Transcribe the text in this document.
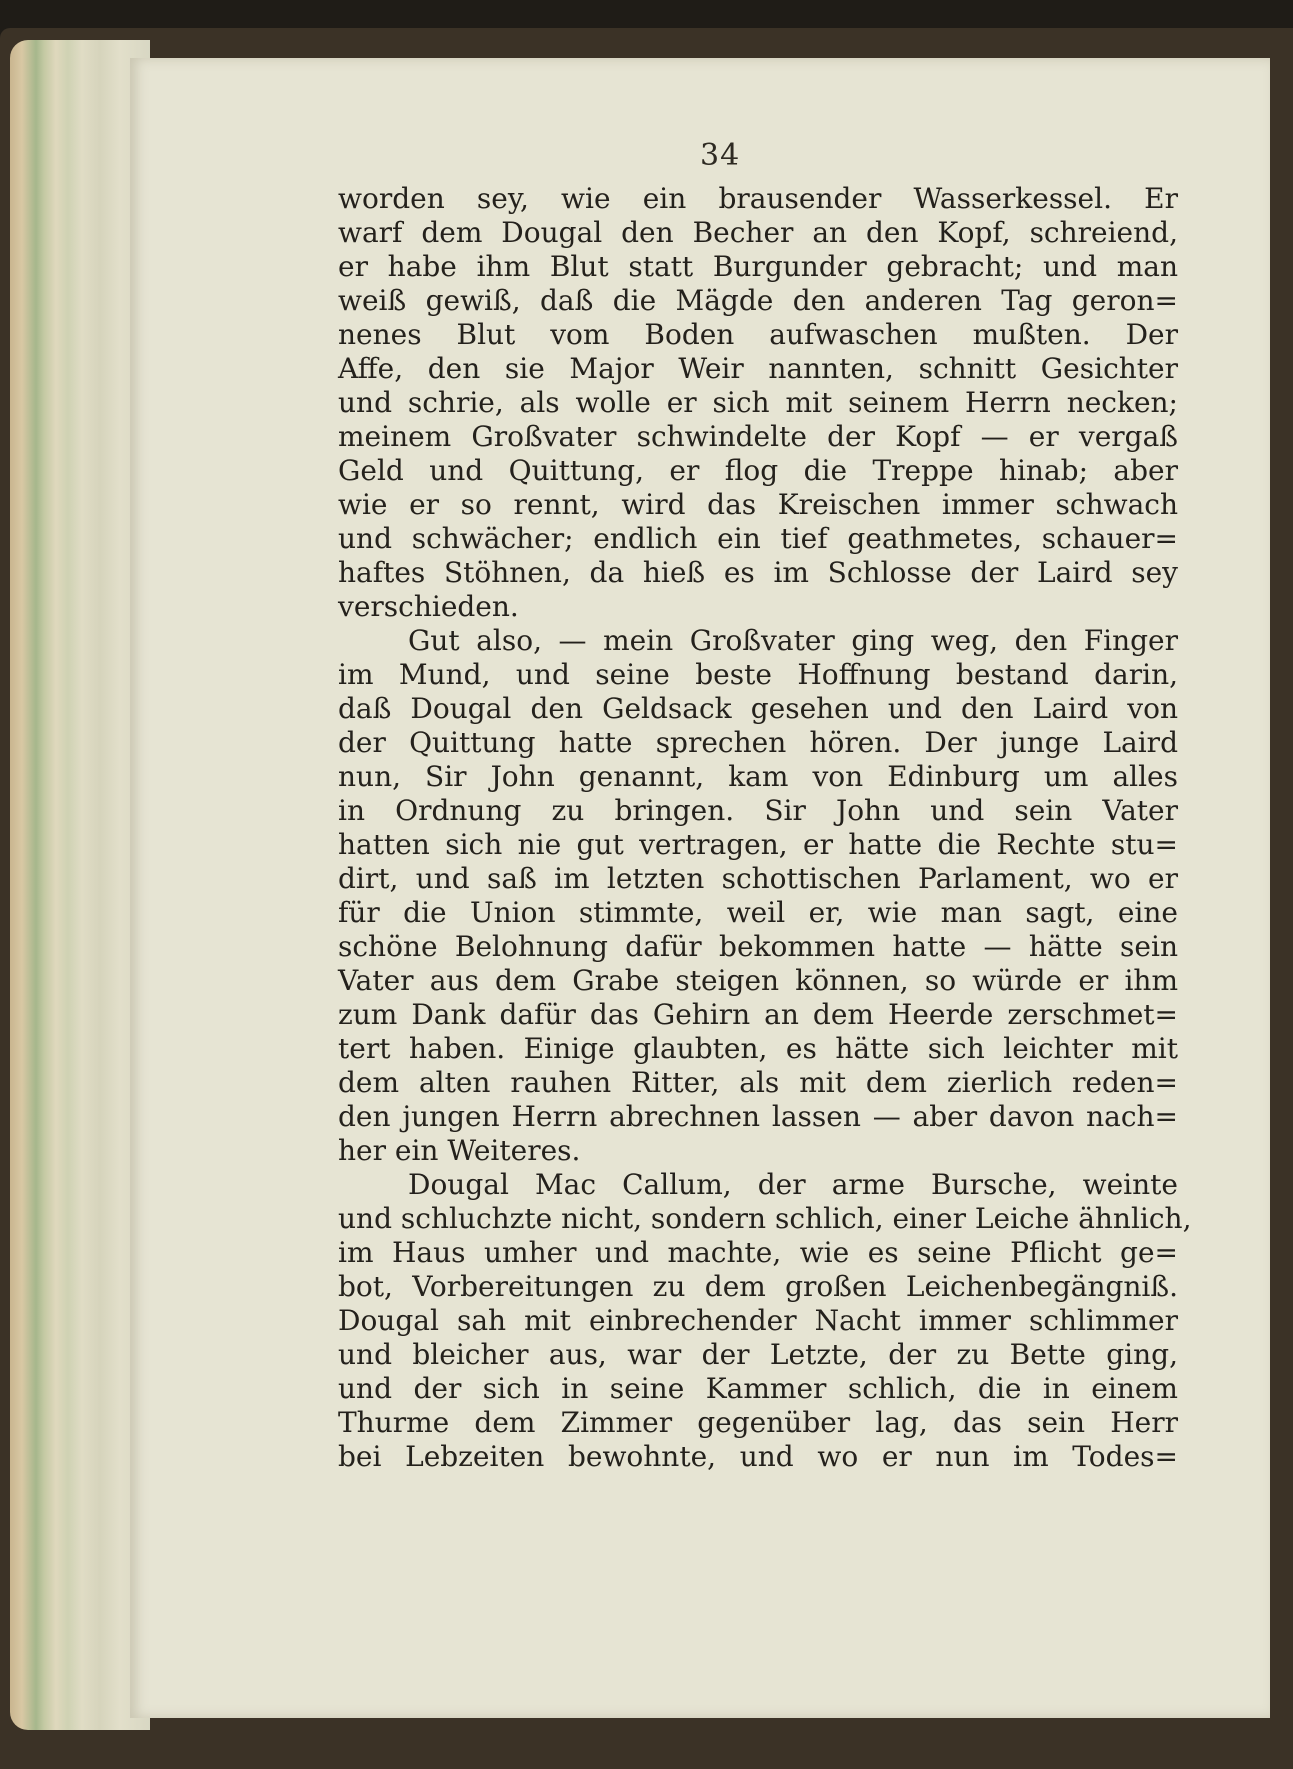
34
worden sey, wie ein brausender Wasserkessel. Er
warf dem Dougal den Becher an den Kopf, schreiend,
er habe ihm Blut statt Burgunder gebracht; und man
weiß gewiß, daß die Mägde den anderen Tag geron=
nenes Blut vom Boden aufwaschen mußten. Der
Affe, den sie Major Weir nannten, schnitt Gesichter
und schrie, als wolle er sich mit seinem Herrn necken;
meinem Großvater schwindelte der Kopf — er vergaß
Geld und Quittung, er flog die Treppe hinab; aber
wie er so rennt, wird das Kreischen immer schwach
und schwächer; endlich ein tief geathmetes, schauer=
haftes Stöhnen, da hieß es im Schlosse der Laird sey
verschieden.
Gut also, — mein Großvater ging weg, den Finger
im Mund, und seine beste Hoffnung bestand darin,
daß Dougal den Geldsack gesehen und den Laird von
der Quittung hatte sprechen hören. Der junge Laird
nun, Sir John genannt, kam von Edinburg um alles
in Ordnung zu bringen. Sir John und sein Vater
hatten sich nie gut vertragen, er hatte die Rechte stu=
dirt, und saß im letzten schottischen Parlament, wo er
für die Union stimmte, weil er, wie man sagt, eine
schöne Belohnung dafür bekommen hatte — hätte sein
Vater aus dem Grabe steigen können, so würde er ihm
zum Dank dafür das Gehirn an dem Heerde zerschmet=
tert haben. Einige glaubten, es hätte sich leichter mit
dem alten rauhen Ritter, als mit dem zierlich reden=
den jungen Herrn abrechnen lassen — aber davon nach=
her ein Weiteres.
Dougal Mac Callum, der arme Bursche, weinte
und schluchzte nicht, sondern schlich, einer Leiche ähnlich,
im Haus umher und machte, wie es seine Pflicht ge=
bot, Vorbereitungen zu dem großen Leichenbegängniß.
Dougal sah mit einbrechender Nacht immer schlimmer
und bleicher aus, war der Letzte, der zu Bette ging,
und der sich in seine Kammer schlich, die in einem
Thurme dem Zimmer gegenüber lag, das sein Herr
bei Lebzeiten bewohnte, und wo er nun im Todes=
